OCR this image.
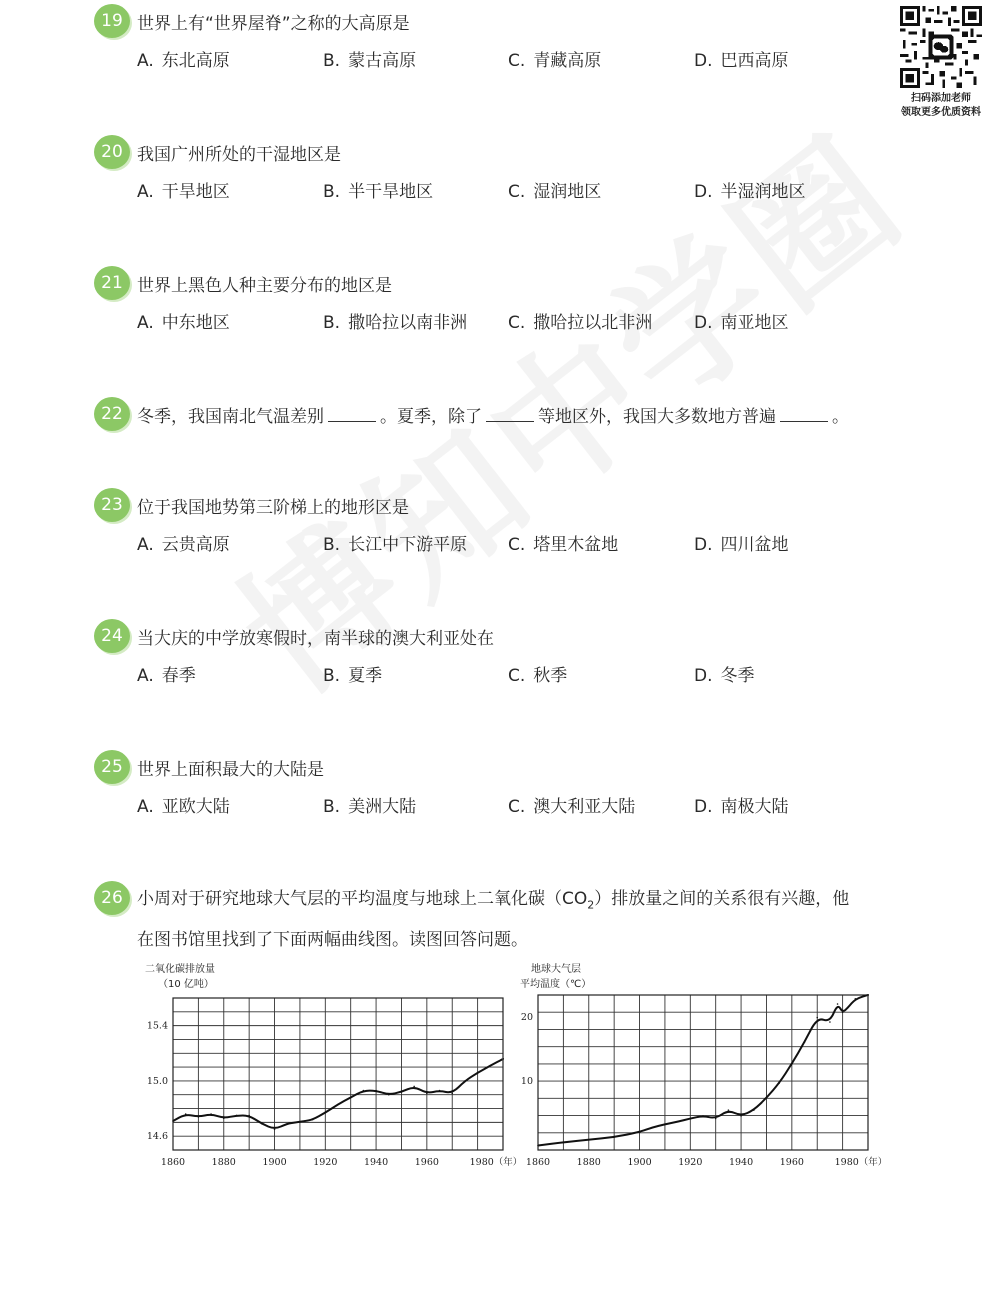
扫码添加老师
领取更多优质资料
19 世界上有“世界屋脊”之称的大高原是
A. 东北高原	B. 蒙古高原	C. 青藏高原	D. 巴西高原
20 我国广州所处的干湿地区是
A. 干旱地区	B. 半干旱地区	C. 湿润地区	D. 半湿润地区
21 世界上黑色人种主要分布的地区是
A. 中东地区	B. 撒哈拉以南非洲 C. 撒哈拉以北非洲 D. 南亚地区
22 冬季，我国南北气温差别	。夏季，除了	等地区外，我国大多数地方普遍	。
23 位于我国地势第三阶梯上的地形区是
A. 云贵高原	B. 长江中下游平原 C. 塔里木盆地	D. 四川盆地
24 当大庆的中学放寒假时，南半球的澳大利亚处在
A. 春季	B. 夏季	C. 秋季	D. 冬季
25 世界上面积最大的大陆是
A. 亚欧大陆	B. 美洲大陆	C. 澳大利亚大陆	D. 南极大陆
26 小周对于研究地球大气层的平均温度与地球上二氧化碳$(CO_2)$排放量之间的关系很有兴趣，他
在图书馆里找到了下面两幅曲线图。读图回答问题。
二氧化碳排放量
（10 亿吨）
1860	1880	1900	1920	1940	1960	1980（年）
15.4
15.0
14.6
地球大气层
平均温度（℃）
1860	1880	1900	1920	1940	1960	1980（年）
20
10
